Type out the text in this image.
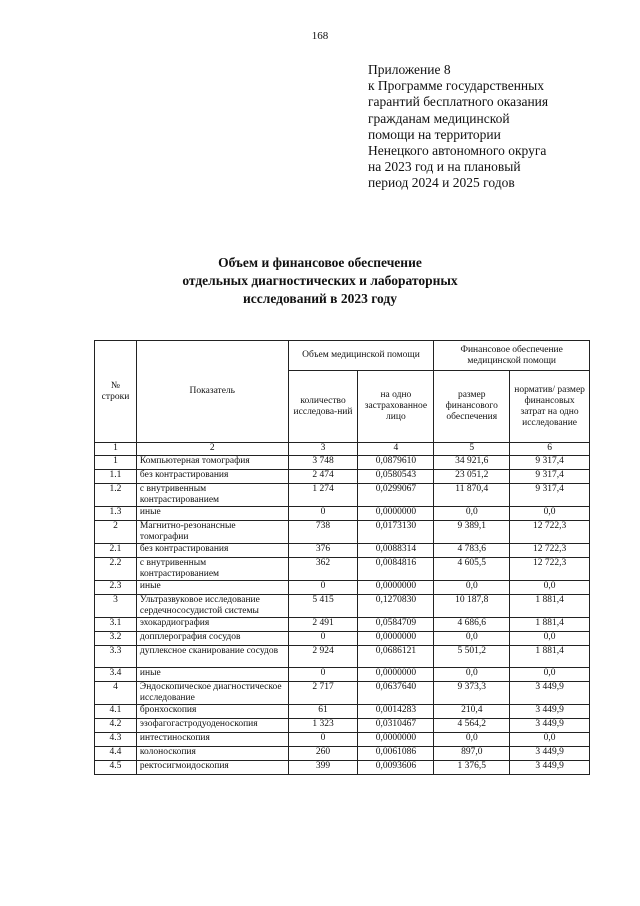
168
Приложение 8
к Программе государственных
гарантий бесплатного оказания
гражданам медицинской
помощи на территории
Ненецкого автономного округа
на 2023 год и на плановый
период 2024 и 2025 годов
Объем и финансовое обеспечение
отдельных диагностических и лабораторных
исследований в 2023 году
№ строки	Показатель	Объем медицинской помощи		Финансовое обеспечение медицинской помощи	
		количество исследова-ний	на одно застрахованное лицо	размер финансового обеспечения	норматив/ размер финансовых затрат на одно исследование
1	2	3	4	5	6
1	Компьютерная томография	3 748	0,0879610	34 921,6	9 317,4
1.1	без контрастирования	2 474	0,0580543	23 051,2	9 317,4
1.2	с внутривенным контрастированием	1 274	0,0299067	11 870,4	9 317,4
1.3	иные	0	0,0000000	0,0	0,0
2	Магнитно-резонансные томографии	738	0,0173130	9 389,1	12 722,3
2.1	без контрастирования	376	0,0088314	4 783,6	12 722,3
2.2	с внутривенным контрастированием	362	0,0084816	4 605,5	12 722,3
2.3	иные	0	0,0000000	0,0	0,0
3	Ультразвуковое исследование сердечнососудистой системы	5 415	0,1270830	10 187,8	1 881,4
3.1	эхокардиография	2 491	0,0584709	4 686,6	1 881,4
3.2	допплерография сосудов	0	0,0000000	0,0	0,0
3.3	дуплексное сканирование сосудов	2 924	0,0686121	5 501,2	1 881,4
3.4	иные	0	0,0000000	0,0	0,0
4	Эндоскопическое диагностическое исследование	2 717	0,0637640	9 373,3	3 449,9
4.1	бронхоскопия	61	0,0014283	210,4	3 449,9
4.2	эзофагогастродуоденоскопия	1 323	0,0310467	4 564,2	3 449,9
4.3	интестиноскопия	0	0,0000000	0,0	0,0
4.4	колоноскопия	260	0,0061086	897,0	3 449,9
4.5	ректосигмоидоскопия	399	0,0093606	1 376,5	3 449,9
